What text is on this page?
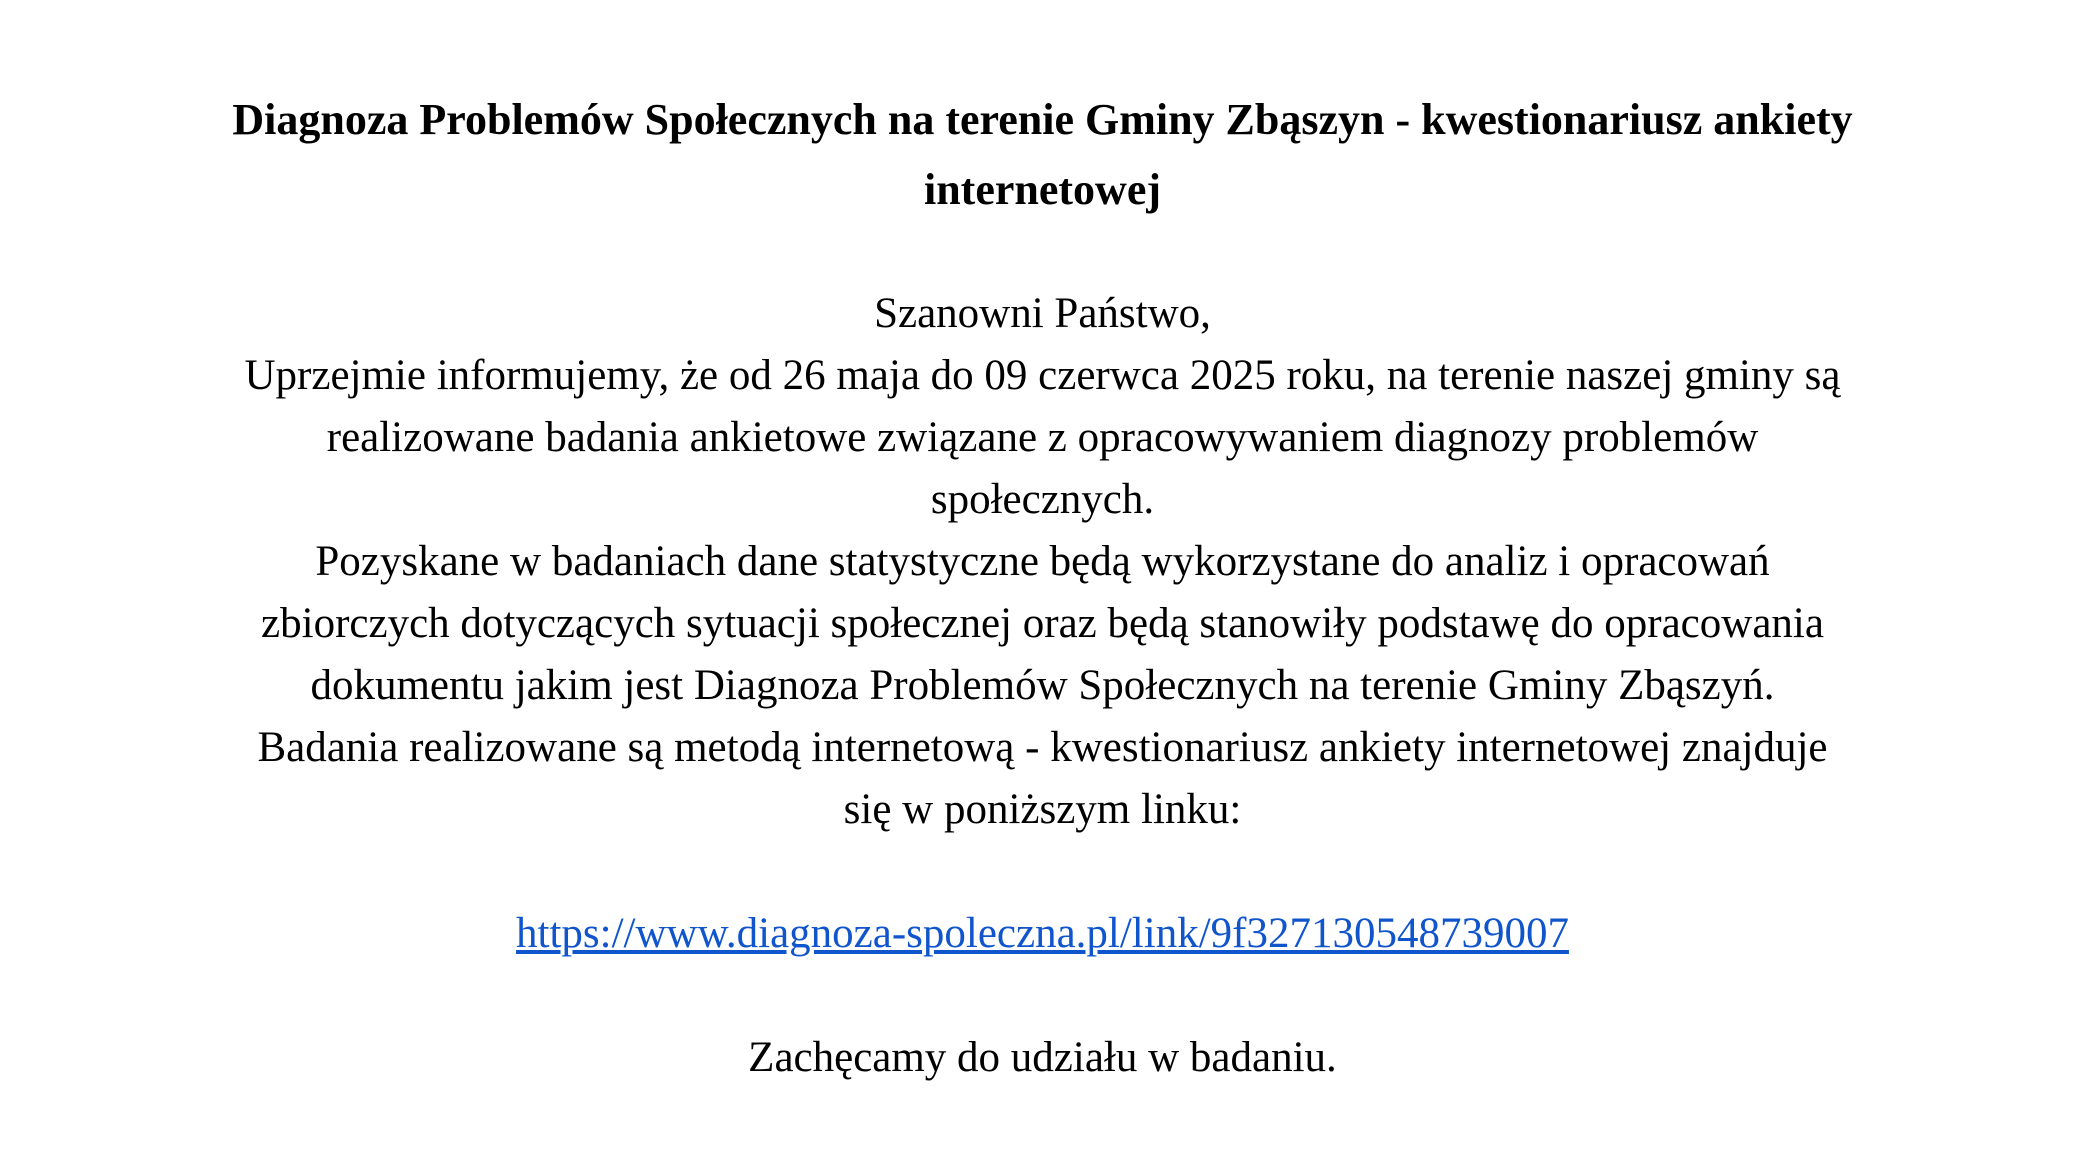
Diagnoza Problemów Społecznych na terenie Gminy Zbąszyn - kwestionariusz ankiety
internetowej
Szanowni Państwo,
Uprzejmie informujemy, że od 26 maja do 09 czerwca 2025 roku, na terenie naszej gminy są
realizowane badania ankietowe związane z opracowywaniem diagnozy problemów
społecznych.
Pozyskane w badaniach dane statystyczne będą wykorzystane do analiz i opracowań
zbiorczych dotyczących sytuacji społecznej oraz będą stanowiły podstawę do opracowania
dokumentu jakim jest Diagnoza Problemów Społecznych na terenie Gminy Zbąszyń.
Badania realizowane są metodą internetową - kwestionariusz ankiety internetowej znajduje
się w poniższym linku:
https://www.diagnoza-spoleczna.pl/link/9f327130548739007
Zachęcamy do udziału w badaniu.
